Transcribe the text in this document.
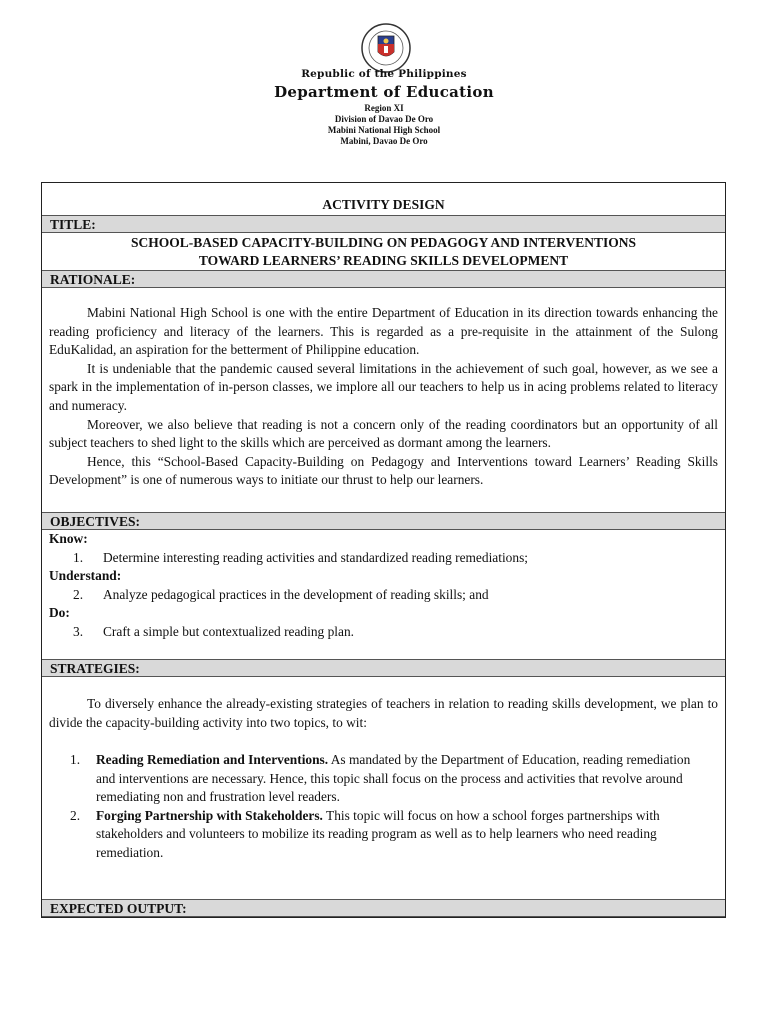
Republic of the Philippines
Department of Education
Region XI
Division of Davao De Oro
Mabini National High School
Mabini, Davao De Oro
ACTIVITY DESIGN
TITLE:
SCHOOL-BASED CAPACITY-BUILDING ON PEDAGOGY AND INTERVENTIONS
TOWARD LEARNERS’ READING SKILLS DEVELOPMENT
RATIONALE:

Mabini National High School is one with the entire Department of Education in its direction towards enhancing the reading proficiency and literacy of the learners. This is regarded as a pre-requisite in the attainment of the Sulong EduKalidad, an aspiration for the betterment of Philippine education.

It is undeniable that the pandemic caused several limitations in the achievement of such goal, however, as we see a spark in the implementation of in-person classes, we implore all our teachers to help us in acing problems related to literacy and numeracy.

Moreover, we also believe that reading is not a concern only of the reading coordinators but an opportunity of all subject teachers to shed light to the skills which are perceived as dormant among the learners.

Hence, this “School-Based Capacity-Building on Pedagogy and Interventions toward Learners’ Reading Skills Development” is one of numerous ways to initiate our thrust to help our learners.

OBJECTIVES:
Know:
1. Determine interesting reading activities and standardized reading remediations;
Understand:
2. Analyze pedagogical practices in the development of reading skills; and
Do:
3. Craft a simple but contextualized reading plan.
STRATEGIES:

To diversely enhance the already-existing strategies of teachers in relation to reading skills development, we plan to divide the capacity-building activity into two topics, to wit:

1. Reading Remediation and Interventions. As mandated by the Department of Education, reading remediation and interventions are necessary. Hence, this topic shall focus on the process and activities that revolve around remediating non and frustration level readers.
2. Forging Partnership with Stakeholders. This topic will focus on how a school forges partnerships with stakeholders and volunteers to mobilize its reading program as well as to help learners who need reading remediation.
EXPECTED OUTPUT:
